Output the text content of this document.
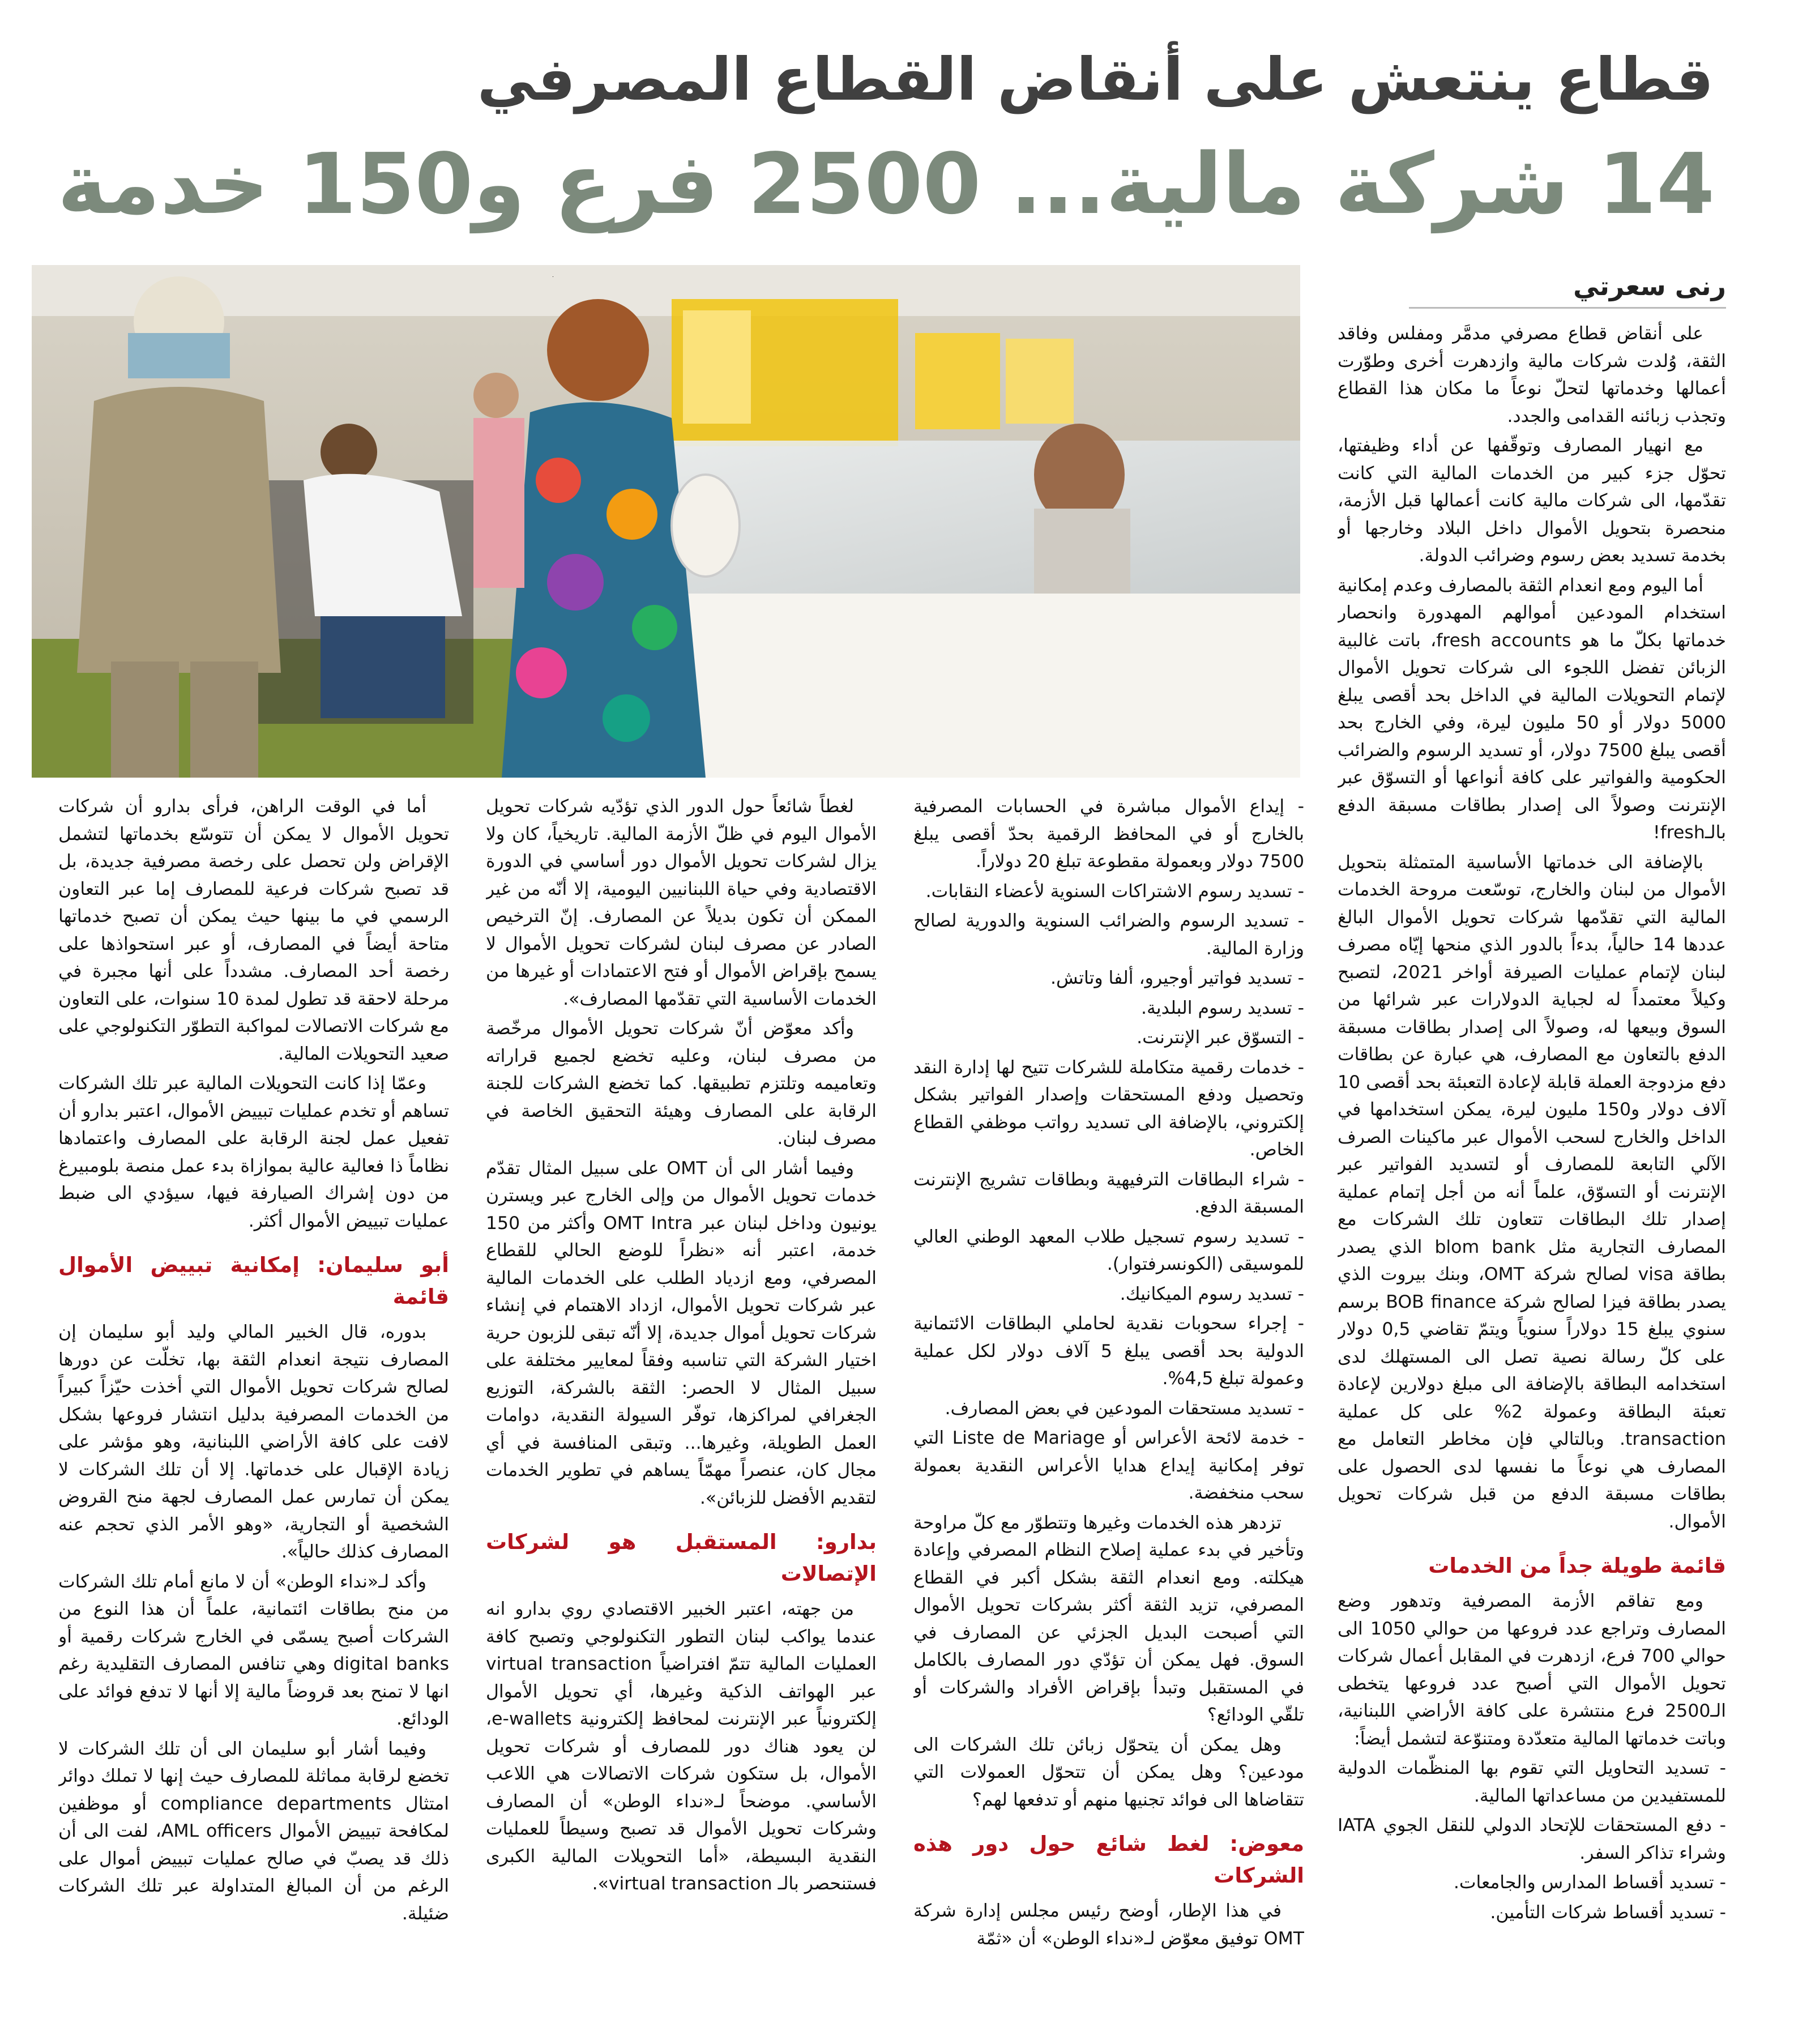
قطاع ينتعش على أنقاض القطاع المصرفي
14 شركة مالية... 2500 فرع و150 خدمة
رنى سعرتي

على أنقاض قطاع مصرفي مدمَّر ومفلس وفاقد الثقة، وُلدت شركات مالية وازدهرت أخرى وطوّرت أعمالها وخدماتها لتحلّ نوعاً ما مكان هذا القطاع وتجذب زبائنه القدامى والجدد.

مع انهيار المصارف وتوقّفها عن أداء وظيفتها، تحوّل جزء كبير من الخدمات المالية التي كانت تقدّمها، الى شركات مالية كانت أعمالها قبل الأزمة، منحصرة بتحويل الأموال داخل البلاد وخارجها أو بخدمة تسديد بعض رسوم وضرائب الدولة.

أما اليوم ومع انعدام الثقة بالمصارف وعدم إمكانية استخدام المودعين أموالهم المهدورة وانحصار خدماتها بكلّ ما هو fresh accounts، باتت غالبية الزبائن تفضل اللجوء الى شركات تحويل الأموال لإتمام التحويلات المالية في الداخل بحد أقصى يبلغ 5000 دولار أو 50 مليون ليرة، وفي الخارج بحد أقصى يبلغ 7500 دولار، أو تسديد الرسوم والضرائب الحكومية والفواتير على كافة أنواعها أو التسوّق عبر الإنترنت وصولاً الى إصدار بطاقات مسبقة الدفع بالـfresh!

بالإضافة الى خدماتها الأساسية المتمثلة بتحويل الأموال من لبنان والخارج، توسّعت مروحة الخدمات المالية التي تقدّمها شركات تحويل الأموال البالغ عددها 14 حالياً، بدءاً بالدور الذي منحها إيّاه مصرف لبنان لإتمام عمليات الصيرفة أواخر 2021، لتصبح وكيلاً معتمداً له لجباية الدولارات عبر شرائها من السوق وبيعها له، وصولاً الى إصدار بطاقات مسبقة الدفع بالتعاون مع المصارف، هي عبارة عن بطاقات دفع مزدوجة العملة قابلة لإعادة التعبئة بحد أقصى 10 آلاف دولار و150 مليون ليرة، يمكن استخدامها في الداخل والخارج لسحب الأموال عبر ماكينات الصرف الآلي التابعة للمصارف أو لتسديد الفواتير عبر الإنترنت أو التسوّق، علماً أنه من أجل إتمام عملية إصدار تلك البطاقات تتعاون تلك الشركات مع المصارف التجارية مثل blom bank الذي يصدر بطاقة visa لصالح شركة OMT، وبنك بيروت الذي يصدر بطاقة فيزا لصالح شركة BOB finance برسم سنوي يبلغ 15 دولاراً سنوياً ويتمّ تقاضي 0,5 دولار على كلّ رسالة نصية تصل الى المستهلك لدى استخدامه البطاقة بالإضافة الى مبلغ دولارين لإعادة تعبئة البطاقة وعمولة 2% على كل عملية transaction. وبالتالي فإن مخاطر التعامل مع المصارف هي نوعاً ما نفسها لدى الحصول على بطاقات مسبقة الدفع من قبل شركات تحويل الأموال.

قائمة طويلة جداً من الخدمات

ومع تفاقم الأزمة المصرفية وتدهور وضع المصارف وتراجع عدد فروعها من حوالي 1050 الى حوالي 700 فرع، ازدهرت في المقابل أعمال شركات تحويل الأموال التي أصبح عدد فروعها يتخطى الـ2500 فرع منتشرة على كافة الأراضي اللبنانية، وباتت خدماتها المالية متعدّدة ومتنوّعة لتشمل أيضاً:

- تسديد التحاويل التي تقوم بها المنظّمات الدولية للمستفيدين من مساعداتها المالية.

- دفع المستحقات للإتحاد الدولي للنقل الجوي IATA وشراء تذاكر السفر.

- تسديد أقساط المدارس والجامعات.

- تسديد أقساط شركات التأمين.

- إيداع الأموال مباشرة في الحسابات المصرفية بالخارج أو في المحافظ الرقمية بحدّ أقصى يبلغ 7500 دولار وبعمولة مقطوعة تبلغ 20 دولاراً.

- تسديد رسوم الاشتراكات السنوية لأعضاء النقابات.

- تسديد الرسوم والضرائب السنوية والدورية لصالح وزارة المالية.

- تسديد فواتير أوجيرو، ألفا وتاتش.

- تسديد رسوم البلدية.

- التسوّق عبر الإنترنت.

- خدمات رقمية متكاملة للشركات تتيح لها إدارة النقد وتحصيل ودفع المستحقات وإصدار الفواتير بشكل إلكتروني، بالإضافة الى تسديد رواتب موظفي القطاع الخاص.

- شراء البطاقات الترفيهية وبطاقات تشريج الإنترنت المسبقة الدفع.

- تسديد رسوم تسجيل طلاب المعهد الوطني العالي للموسيقى (الكونسرفتوار).

- تسديد رسوم الميكانيك.

- إجراء سحوبات نقدية لحاملي البطاقات الائتمانية الدولية بحد أقصى يبلغ 5 آلاف دولار لكل عملية وعمولة تبلغ 4,5%.

- تسديد مستحقات المودعين في بعض المصارف.

- خدمة لائحة الأعراس أو Liste de Mariage التي توفر إمكانية إيداع هدايا الأعراس النقدية بعمولة سحب منخفضة.

تزدهر هذه الخدمات وغيرها وتتطوّر مع كلّ مراوحة وتأخير في بدء عملية إصلاح النظام المصرفي وإعادة هيكلته. ومع انعدام الثقة بشكل أكبر في القطاع المصرفي، تزيد الثقة أكثر بشركات تحويل الأموال التي أصبحت البديل الجزئي عن المصارف في السوق. فهل يمكن أن تؤدّي دور المصارف بالكامل في المستقبل وتبدأ بإقراض الأفراد والشركات أو تلقّي الودائع؟

وهل يمكن أن يتحوّل زبائن تلك الشركات الى مودعين؟ وهل يمكن أن تتحوّل العمولات التي تتقاضاها الى فوائد تجنيها منهم أو تدفعها لهم؟

معوض: لغط شائع حول دور هذه الشركات

في هذا الإطار، أوضح رئيس مجلس إدارة شركة OMT توفيق معوّض لـ«نداء الوطن» أن «ثمّة

لغطاً شائعاً حول الدور الذي تؤدّيه شركات تحويل الأموال اليوم في ظلّ الأزمة المالية. تاريخياً، كان ولا يزال لشركات تحويل الأموال دور أساسي في الدورة الاقتصادية وفي حياة اللبنانيين اليومية، إلا أنّه من غير الممكن أن تكون بديلاً عن المصارف. إنّ الترخيص الصادر عن مصرف لبنان لشركات تحويل الأموال لا يسمح بإقراض الأموال أو فتح الاعتمادات أو غيرها من الخدمات الأساسية التي تقدّمها المصارف».

وأكد معوّض أنّ شركات تحويل الأموال مرخّصة من مصرف لبنان، وعليه تخضع لجميع قراراته وتعاميمه وتلتزم تطبيقها. كما تخضع الشركات للجنة الرقابة على المصارف وهيئة التحقيق الخاصة في مصرف لبنان.

وفيما أشار الى أن OMT على سبيل المثال تقدّم خدمات تحويل الأموال من وإلى الخارج عبر ويسترن يونيون وداخل لبنان عبر OMT Intra وأكثر من 150 خدمة، اعتبر أنه «نظراً للوضع الحالي للقطاع المصرفي، ومع ازدياد الطلب على الخدمات المالية عبر شركات تحويل الأموال، ازداد الاهتمام في إنشاء شركات تحويل أموال جديدة، إلا أنّه تبقى للزبون حرية اختيار الشركة التي تناسبه وفقاً لمعايير مختلفة على سبيل المثال لا الحصر: الثقة بالشركة، التوزيع الجغرافي لمراكزها، توفّر السيولة النقدية، دوامات العمل الطويلة، وغيرها... وتبقى المنافسة في أي مجال كان، عنصراً مهمّاً يساهم في تطوير الخدمات لتقديم الأفضل للزبائن».

بدارو: المستقبل هو لشركات الإتصالات

من جهته، اعتبر الخبير الاقتصادي روي بدارو انه عندما يواكب لبنان التطور التكنولوجي وتصبح كافة العمليات المالية تتمّ افتراضياً virtual transaction عبر الهواتف الذكية وغيرها، أي تحويل الأموال إلكترونياً عبر الإنترنت لمحافظ إلكترونية e-wallets، لن يعود هناك دور للمصارف أو شركات تحويل الأموال، بل ستكون شركات الاتصالات هي اللاعب الأساسي. موضحاً لـ«نداء الوطن» أن المصارف وشركات تحويل الأموال قد تصبح وسيطاً للعمليات النقدية البسيطة، «أما التحويلات المالية الكبرى فستنحصر بالـ virtual transaction».

أما في الوقت الراهن، فرأى بدارو أن شركات تحويل الأموال لا يمكن أن تتوسّع بخدماتها لتشمل الإقراض ولن تحصل على رخصة مصرفية جديدة، بل قد تصبح شركات فرعية للمصارف إما عبر التعاون الرسمي في ما بينها حيث يمكن أن تصبح خدماتها متاحة أيضاً في المصارف، أو عبر استحواذها على رخصة أحد المصارف. مشدداً على أنها مجبرة في مرحلة لاحقة قد تطول لمدة 10 سنوات، على التعاون مع شركات الاتصالات لمواكبة التطوّر التكنولوجي على صعيد التحويلات المالية.

وعمّا إذا كانت التحويلات المالية عبر تلك الشركات تساهم أو تخدم عمليات تبييض الأموال، اعتبر بدارو أن تفعيل عمل لجنة الرقابة على المصارف واعتمادها نظاماً ذا فعالية عالية بموازاة بدء عمل منصة بلومبيرغ من دون إشراك الصيارفة فيها، سيؤدي الى ضبط عمليات تبييض الأموال أكثر.

أبو سليمان: إمكانية تبييض الأموال قائمة

بدوره، قال الخبير المالي وليد أبو سليمان إن المصارف نتيجة انعدام الثقة بها، تخلّت عن دورها لصالح شركات تحويل الأموال التي أخذت حيّزاً كبيراً من الخدمات المصرفية بدليل انتشار فروعها بشكل لافت على كافة الأراضي اللبنانية، وهو مؤشر على زيادة الإقبال على خدماتها. إلا أن تلك الشركات لا يمكن أن تمارس عمل المصارف لجهة منح القروض الشخصية أو التجارية، «وهو الأمر الذي تحجم عنه المصارف كذلك حالياً».

وأكد لـ«نداء الوطن» أن لا مانع أمام تلك الشركات من منح بطاقات ائتمانية، علماً أن هذا النوع من الشركات أصبح يسمّى في الخارج شركات رقمية أو digital banks وهي تنافس المصارف التقليدية رغم انها لا تمنح بعد قروضاً مالية إلا أنها لا تدفع فوائد على الودائع.

وفيما أشار أبو سليمان الى أن تلك الشركات لا تخضع لرقابة مماثلة للمصارف حيث إنها لا تملك دوائر امتثال compliance departments أو موظفين لمكافحة تبييض الأموال AML officers، لفت الى أن ذلك قد يصبّ في صالح عمليات تبييض أموال على الرغم من أن المبالغ المتداولة عبر تلك الشركات ضئيلة.
